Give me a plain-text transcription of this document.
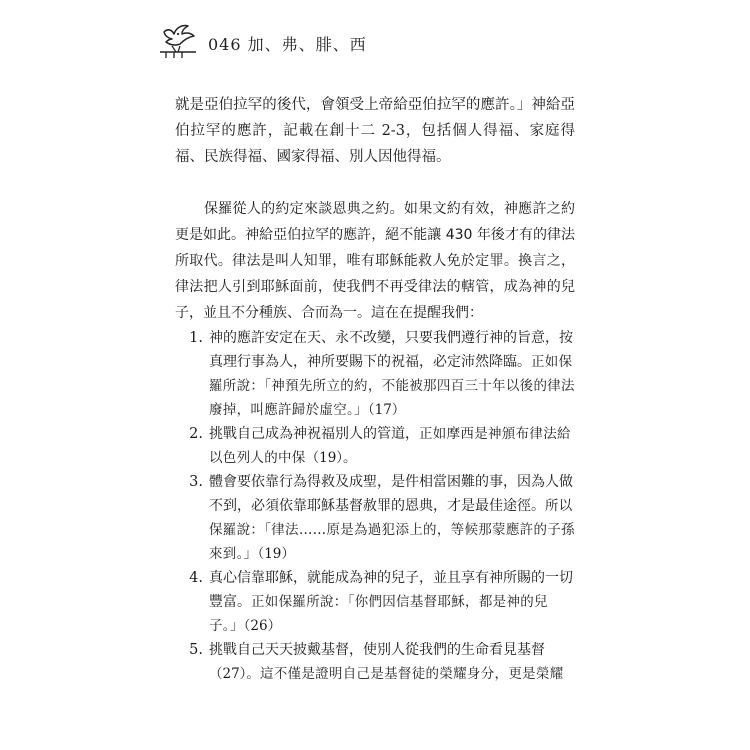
046 加、弗、腓、西

就是亞伯拉罕的後代，會領受上帝給亞伯拉罕的應許。」神給亞伯拉罕的應許，記載在創十二 2-3，包括個人得福、家庭得福、民族得福、國家得福、別人因他得福。

保羅從人的約定來談恩典之約。如果文約有效，神應許之約更是如此。神給亞伯拉罕的應許，絕不能讓 430 年後才有的律法所取代。律法是叫人知罪，唯有耶穌能救人免於定罪。換言之，律法把人引到耶穌面前，使我們不再受律法的轄管，成為神的兒子，並且不分種族、合而為一。這在在提醒我們：

1. 神的應許安定在天、永不改變，只要我們遵行神的旨意，按真理行事為人，神所要賜下的祝福，必定沛然降臨。正如保羅所說：「神預先所立的約，不能被那四百三十年以後的律法廢掉，叫應許歸於虛空。」（17）
2. 挑戰自己成為神祝福別人的管道，正如摩西是神頒布律法給以色列人的中保（19）。
3. 體會要依靠行為得救及成聖，是件相當困難的事，因為人做不到，必須依靠耶穌基督赦罪的恩典，才是最佳途徑。所以保羅說：「律法……原是為過犯添上的，等候那蒙應許的子孫來到。」（19）
4. 真心信靠耶穌，就能成為神的兒子，並且享有神所賜的一切豐富。正如保羅所說：「你們因信基督耶穌，都是神的兒子。」（26）
5. 挑戰自己天天披戴基督，使別人從我們的生命看見基督（27）。這不僅是證明自己是基督徒的榮耀身分，更是榮耀
